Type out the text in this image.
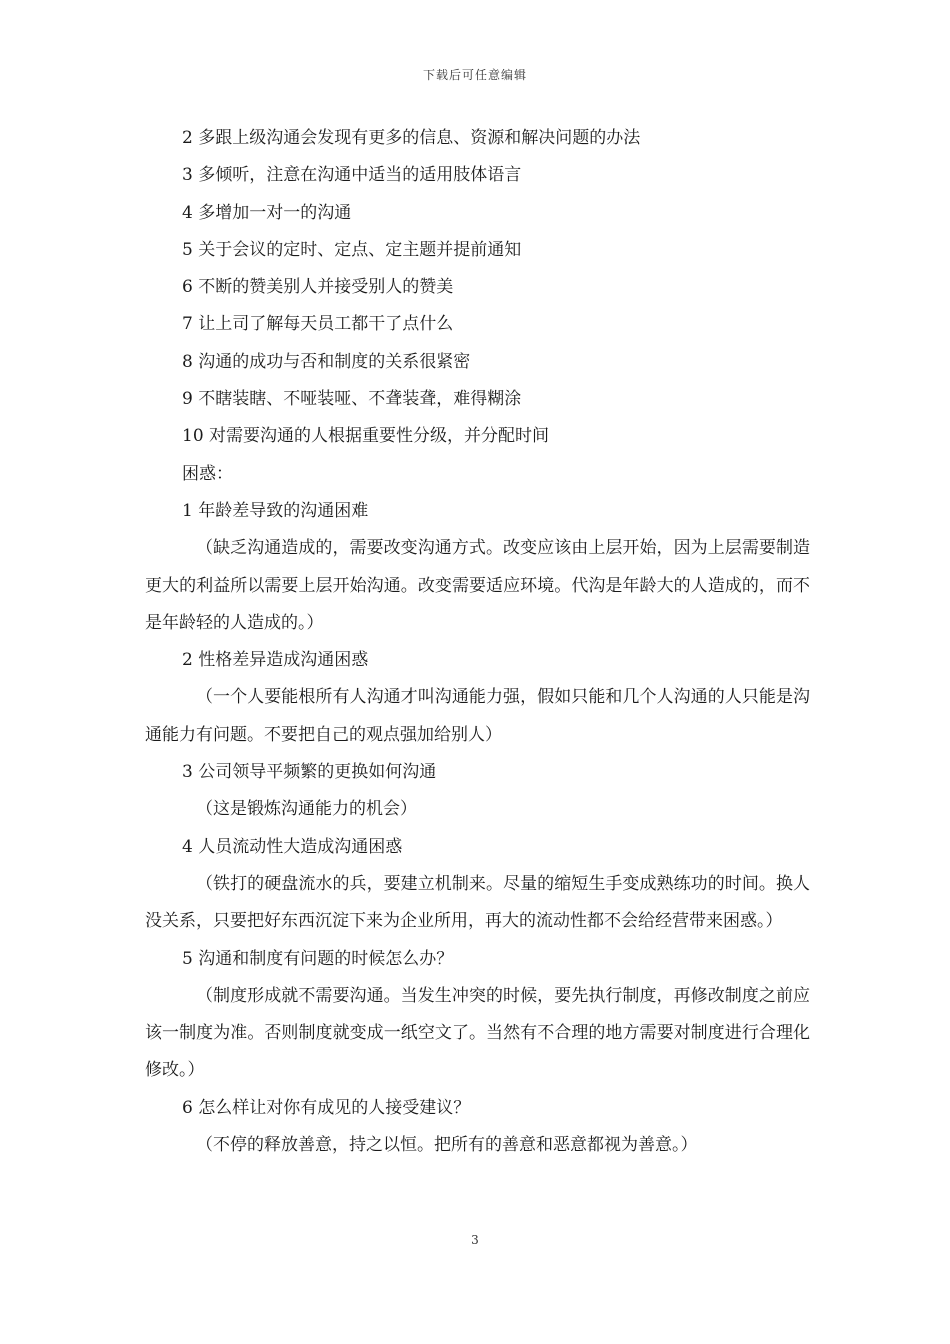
下载后可任意编辑
2 多跟上级沟通会发现有更多的信息、资源和解决问题的办法
3 多倾听，注意在沟通中适当的适用肢体语言
4 多增加一对一的沟通
5 关于会议的定时、定点、定主题并提前通知
6 不断的赞美别人并接受别人的赞美
7 让上司了解每天员工都干了点什么
8 沟通的成功与否和制度的关系很紧密
9 不瞎装瞎、不哑装哑、不聋装聋，难得糊涂
10 对需要沟通的人根据重要性分级，并分配时间
困惑：
1 年龄差导致的沟通困难
（缺乏沟通造成的，需要改变沟通方式。改变应该由上层开始，因为上层需要制造更大的利益所以需要上层开始沟通。改变需要适应环境。代沟是年龄大的人造成的，而不是年龄轻的人造成的。）
2 性格差异造成沟通困惑
（一个人要能根所有人沟通才叫沟通能力强，假如只能和几个人沟通的人只能是沟通能力有问题。不要把自己的观点强加给别人）
3 公司领导平频繁的更换如何沟通
（这是锻炼沟通能力的机会）
4 人员流动性大造成沟通困惑
（铁打的硬盘流水的兵，要建立机制来。尽量的缩短生手变成熟练功的时间。换人没关系，只要把好东西沉淀下来为企业所用，再大的流动性都不会给经营带来困惑。）
5 沟通和制度有问题的时候怎么办？
（制度形成就不需要沟通。当发生冲突的时候，要先执行制度，再修改制度之前应该一制度为准。否则制度就变成一纸空文了。当然有不合理的地方需要对制度进行合理化修改。）
6 怎么样让对你有成见的人接受建议？
（不停的释放善意，持之以恒。把所有的善意和恶意都视为善意。）
3
